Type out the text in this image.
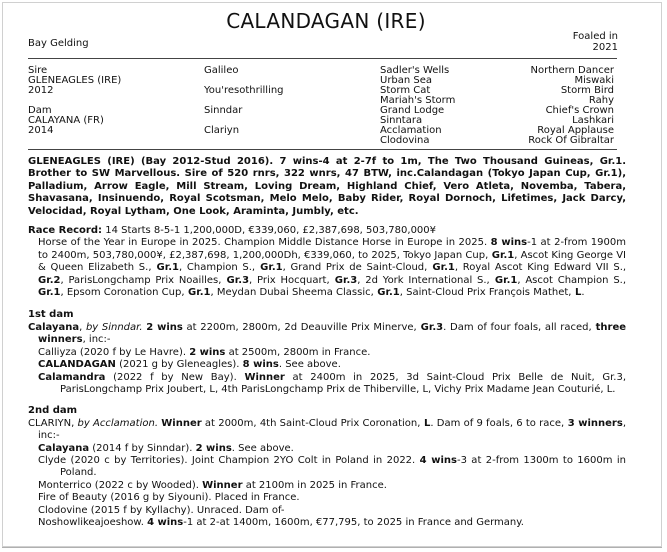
CALANDAGAN (IRE)
Bay Gelding
Foaled in
2021
Sire
GLENEAGLES (IRE)
2012
Dam
CALAYANA (FR)
2014
Galileo
You'resothrilling
Sinndar
Clariyn
Sadler's Wells
Urban Sea
Storm Cat
Mariah's Storm
Grand Lodge
Sinntara
Acclamation
Clodovina
Northern Dancer
Miswaki
Storm Bird
Rahy
Chief's Crown
Lashkari
Royal Applause
Rock Of Gibraltar

GLENEAGLES (IRE) (Bay 2012-Stud 2016). 7 wins-4 at 2-7f to 1m, The Two Thousand Guineas, Gr.1. Brother to SW Marvellous. Sire of 520 rnrs, 322 wnrs, 47 BTW, inc.Calandagan (Tokyo Japan Cup, Gr.1), Palladium, Arrow Eagle, Mill Stream, Loving Dream, Highland Chief, Vero Atleta, Novemba, Tabera, Shavasana, Insinuendo, Royal Scotsman, Melo Melo, Baby Rider, Royal Dornoch, Lifetimes, Jack Darcy, Velocidad, Royal Lytham, One Look, Araminta, Jumbly, etc.

Race Record: 14 Starts 8-5-1 1,200,000D, €339,060, £2,387,698, 503,780,000¥
Horse of the Year in Europe in 2025. Champion Middle Distance Horse in Europe in 2025. 8 wins-1 at 2-from 1900m to 2400m, 503,780,000¥, £2,387,698, 1,200,000Dh, €339,060, to 2025, Tokyo Japan Cup, Gr.1, Ascot King George VI & Queen Elizabeth S., Gr.1, Champion S., Gr.1, Grand Prix de Saint-Cloud, Gr.1, Royal Ascot King Edward VII S., Gr.2, ParisLongchamp Prix Noailles, Gr.3, Prix Hocquart, Gr.3, 2d York International S., Gr.1, Ascot Champion S., Gr.1, Epsom Coronation Cup, Gr.1, Meydan Dubai Sheema Classic, Gr.1, Saint-Cloud Prix François Mathet, L.

1st dam

Calayana, by Sinndar. 2 wins at 2200m, 2800m, 2d Deauville Prix Minerve, Gr.3. Dam of four foals, all raced, three winners, inc:-

Calliyza (2020 f by Le Havre). 2 wins at 2500m, 2800m in France.

CALANDAGAN (2021 g by Gleneagles). 8 wins. See above.

Calamandra (2022 f by New Bay). Winner at 2400m in 2025, 3d Saint-Cloud Prix Belle de Nuit, Gr.3, ParisLongchamp Prix Joubert, L, 4th ParisLongchamp Prix de Thiberville, L, Vichy Prix Madame Jean Couturié, L.

2nd dam

CLARIYN, by Acclamation. Winner at 2000m, 4th Saint-Cloud Prix Coronation, L. Dam of 9 foals, 6 to race, 3 winners, inc:-

Calayana (2014 f by Sinndar). 2 wins. See above.

Clyde (2020 c by Territories). Joint Champion 2YO Colt in Poland in 2022. 4 wins-3 at 2-from 1300m to 1600m in Poland.

Monterrico (2022 c by Wooded). Winner at 2100m in 2025 in France.

Fire of Beauty (2016 g by Siyouni). Placed in France.

Clodovine (2015 f by Kyllachy). Unraced. Dam of-

Noshowlikeajoeshow. 4 wins-1 at 2-at 1400m, 1600m, €77,795, to 2025 in France and Germany.
